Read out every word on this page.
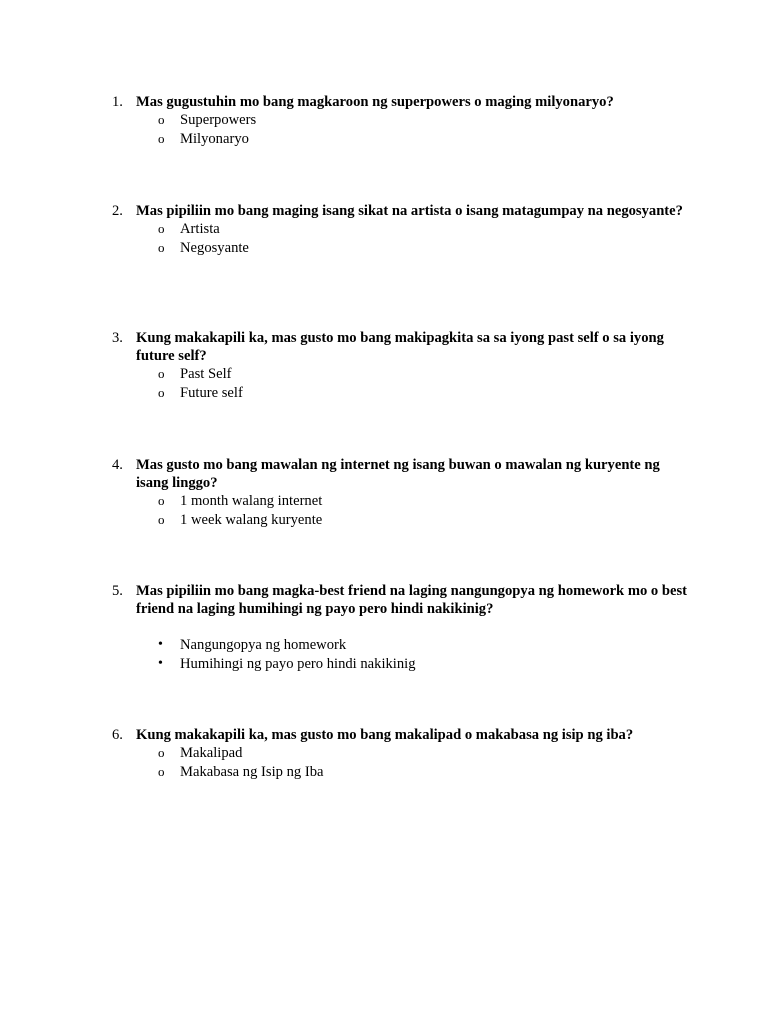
1. Mas gugustuhin mo bang magkaroon ng superpowers o maging milyonaryo?
o	Superpowers
o	Milyonaryo
2. Mas pipiliin mo bang maging isang sikat na artista o isang matagumpay na negosyante?
o	Artista
o	Negosyante
3. Kung makakapili ka, mas gusto mo bang makipagkita sa sa iyong past self o sa iyong future self?
o	Past Self
o	Future self
4. Mas gusto mo bang mawalan ng internet ng isang buwan o mawalan ng kuryente ng isang linggo?
o	1 month walang internet
o	1 week walang kuryente
5. Mas pipiliin mo bang magka-best friend na laging nangungopya ng homework mo o best friend na laging humihingi ng payo pero hindi nakikinig?
•	Nangungopya ng homework
•	Humihingi ng payo pero hindi nakikinig
6. Kung makakapili ka, mas gusto mo bang makalipad o makabasa ng isip ng iba?
o	Makalipad
o	Makabasa ng Isip ng Iba
